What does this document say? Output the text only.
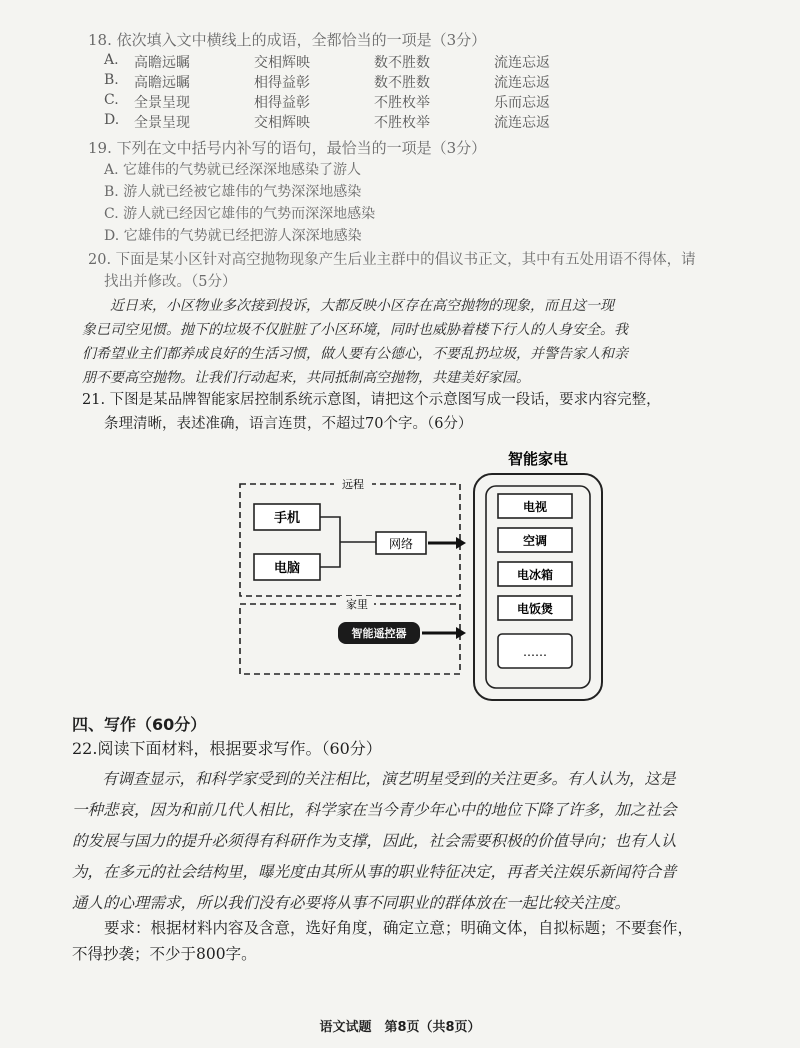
18. 依次填入文中横线上的成语，全都恰当的一项是（3分）
A.	高瞻远瞩	交相辉映	数不胜数	流连忘返
B.	高瞻远瞩	相得益彰	数不胜数	流连忘返
C.	全景呈现	相得益彰	不胜枚举	乐而忘返
D.	全景呈现	交相辉映	不胜枚举	流连忘返
19. 下列在文中括号内补写的语句，最恰当的一项是（3分）
A. 它雄伟的气势就已经深深地感染了游人
B. 游人就已经被它雄伟的气势深深地感染
C. 游人就已经因它雄伟的气势而深深地感染
D. 它雄伟的气势就已经把游人深深地感染
20. 下面是某小区针对高空抛物现象产生后业主群中的倡议书正文，其中有五处用语不得体，请
找出并修改。（5分）
近日来，小区物业多次接到投诉，大都反映小区存在高空抛物的现象，而且这一现
象已司空见惯。抛下的垃圾不仅脏脏了小区环境，同时也威胁着楼下行人的人身安全。我
们希望业主们都养成良好的生活习惯，做人要有公德心，不要乱扔垃圾，并警告家人和亲
朋不要高空抛物。让我们行动起来，共同抵制高空抛物，共建美好家园。
21. 下图是某品牌智能家居控制系统示意图，请把这个示意图写成一段话，要求内容完整，
条理清晰，表述准确，语言连贯，不超过70个字。（6分）
远程
手机
电脑
网络
家里
智能遥控器
智能家电
电视
空调
电冰箱
电饭煲
……
四、写作（60分）
22.阅读下面材料，根据要求写作。（60分）
有调查显示，和科学家受到的关注相比，演艺明星受到的关注更多。有人认为，这是
一种悲哀，因为和前几代人相比，科学家在当今青少年心中的地位下降了许多，加之社会
的发展与国力的提升必须得有科研作为支撑，因此，社会需要积极的价值导向；也有人认
为，在多元的社会结构里，曝光度由其所从事的职业特征决定，再者关注娱乐新闻符合普
通人的心理需求，所以我们没有必要将从事不同职业的群体放在一起比较关注度。
要求：根据材料内容及含意，选好角度，确定立意；明确文体，自拟标题；不要套作，
不得抄袭；不少于800字。
语文试题　第8页（共8页）
